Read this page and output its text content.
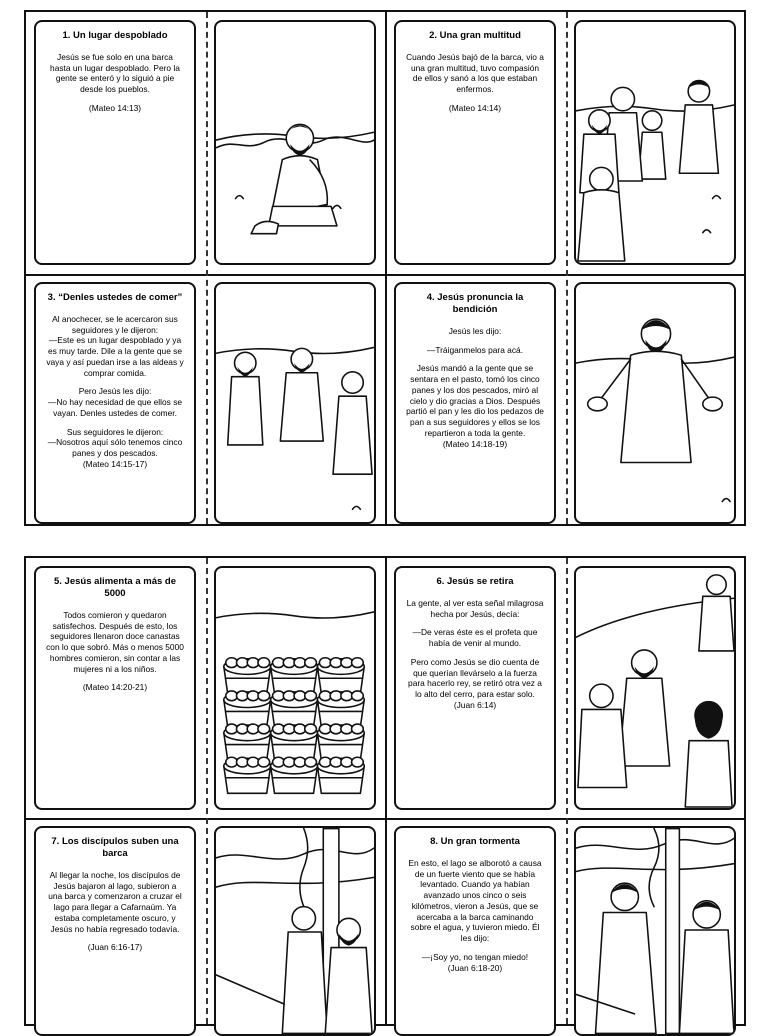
1. Un lugar despoblado

Jesús se fue solo en una barca hasta un lugar despoblado. Pero la gente se enteró y lo siguió a pie desde los pueblos.

(Mateo 14:13)

2. Una gran multitud

Cuando Jesús bajó de la barca, vio a una gran multitud, tuvo compasión de ellos y sanó a los que estaban enfermos.

(Mateo 14:14)

3. “Denles ustedes de comer”

Al anochecer, se le acercaron sus seguidores y le dijeron:
—Este es un lugar despoblado y ya es muy tarde. Dile a la gente que se vaya y así puedan irse a las aldeas y comprar comida.

Pero Jesús les dijo:
—No hay necesidad de que ellos se vayan. Denles ustedes de comer.

Sus seguidores le dijeron:
—Nosotros aquí sólo tenemos cinco panes y dos pescados.
(Mateo 14:15-17)

4. Jesús pronuncia la bendición

Jesús les dijo:

—Tráiganmelos para acá.

Jesús mandó a la gente que se sentara en el pasto, tomó los cinco panes y los dos pescados, miró al cielo y dio gracias a Dios. Después partió el pan y les dio los pedazos de pan a sus seguidores y ellos se los repartieron a toda la gente.
(Mateo 14:18-19)

5. Jesús alimenta a más de 5000

Todos comieron y quedaron satisfechos. Después de esto, los seguidores llenaron doce canastas con lo que sobró. Más o menos 5000 hombres comieron, sin contar a las mujeres ni a los niños.

(Mateo 14:20-21)

6. Jesús se retira

La gente, al ver esta señal milagrosa hecha por Jesús, decía:

—De veras éste es el profeta que había de venir al mundo.

Pero como Jesús se dio cuenta de que querían llevárselo a la fuerza para hacerlo rey, se retiró otra vez a lo alto del cerro, para estar solo. (Juan 6:14)

7. Los discípulos suben una barca

Al llegar la noche, los discípulos de Jesús bajaron al lago, subieron a una barca y comenzaron a cruzar el lago para llegar a Cafarnaúm. Ya estaba completamente oscuro, y Jesús no había regresado todavía.

(Juan 6:16-17)

8. Un gran tormenta

En esto, el lago se alborotó a causa de un fuerte viento que se había levantado. Cuando ya habían avanzado unos cinco o seis kilómetros, vieron a Jesús, que se acercaba a la barca caminando sobre el agua, y tuvieron miedo. Él les dijo:

—¡Soy yo, no tengan miedo!
(Juan 6:18-20)
